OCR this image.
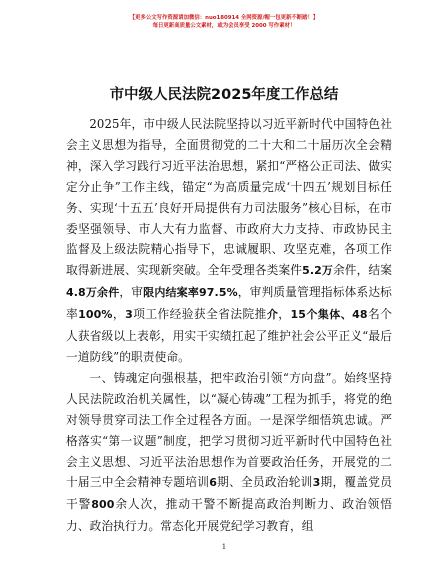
【更多公文写作资源请加微信：nuo180914 全网资源/帽一包更新不断踏！】
每日更新高质量公文素材，或为会员享受 2000 写作素材！
市中级人民法院2025年度工作总结

2025年，市中级人民法院坚持以习近平新时代中国特色社会主义思想为指导，全面贯彻党的二十大和二十届历次全会精神，深入学习践行习近平法治思想，紧扣“严格公正司法、做实定分止争”工作主线，锚定“为高质量完成‘十四五’规划目标任务、实现‘十五五’良好开局提供有力司法服务”核心目标，在市委坚强领导、市人大有力监督、市政府大力支持、市政协民主监督及上级法院精心指导下，忠诚履职、攻坚克难，各项工作取得新进展、实现新突破。全年受理各类案件5.2万余件，结案4.8万余件，审限内结案率97.5%，审判质量管理指标体系达标率100%，3项工作经验获全省法院推介，15个集体、48名个人获省级以上表彰，用实干实绩扛起了维护社会公平正义“最后一道防线”的职责使命。

一、铸魂定向强根基，把牢政治引领“方向盘”。始终坚持人民法院政治机关属性，以“凝心铸魂”工程为抓手，将党的绝对领导贯穿司法工作全过程各方面。一是深学细悟筑忠诚。严格落实“第一议题”制度，把学习贯彻习近平新时代中国特色社会主义思想、习近平法治思想作为首要政治任务，开展党的二十届三中全会精神专题培训6期、全员政治轮训3期，覆盖党员干警800余人次，推动干警不断提高政治判断力、政治领悟力、政治执行力。常态化开展党纪学习教育，组

1
